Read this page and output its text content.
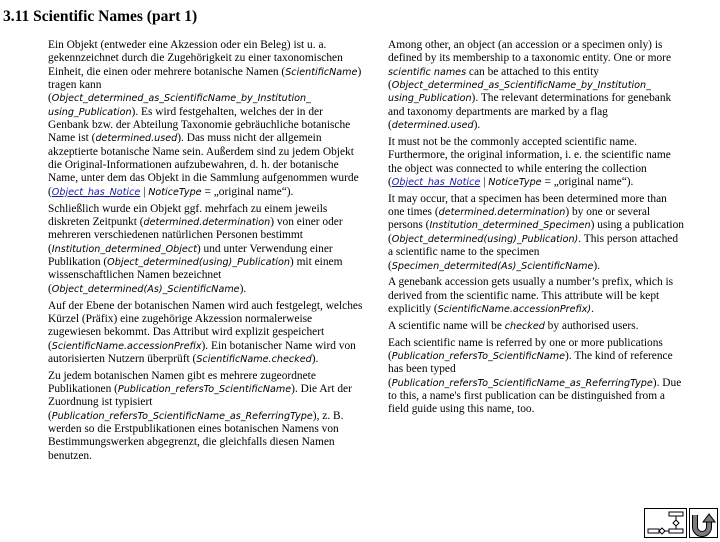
3.11 Scientific Names (part 1)

Ein Objekt (entweder eine Akzession oder ein Beleg) ist u. a. gekennzeichnet durch die Zugehörigkeit zu einer taxonomischen Einheit, die einen oder mehrere botanische Namen (ScientificName) tragen kann (Object_determined_as_ScientificName_by_Institution_ using_Publication). Es wird festgehalten, welches der in der Genbank bzw. der Abteilung Taxonomie gebräuchliche botanische Name ist (determined.used). Das muss nicht der allgemein akzeptierte botanische Name sein. Außerdem sind zu jedem Objekt die Original-Informationen aufzubewahren, d. h. der botanische Name, unter dem das Objekt in die Sammlung aufgenommen wurde (Object_has_Notice | NoticeType = „original name“).

Schließlich wurde ein Objekt ggf. mehrfach zu einem jeweils diskreten Zeitpunkt (determined.determination) von einer oder mehreren verschiedenen natürlichen Personen bestimmt (Institution_determined_Object) und unter Verwendung einer Publikation (Object_determined(using)_Publication) mit einem wissenschaftlichen Namen bezeichnet (Object_determined(As)_ScientificName).

Auf der Ebene der botanischen Namen wird auch festgelegt, welches Kürzel (Präfix) eine zugehörige Akzession normalerweise zugewiesen bekommt. Das Attribut wird explizit gespeichert (ScientificName.accessionPrefix). Ein botanischer Name wird von autorisierten Nutzern überprüft (ScientificName.checked).

Zu jedem botanischen Namen gibt es mehrere zugeordnete Publikationen (Publication_refersTo_ScientificName). Die Art der Zuordnung ist typisiert (Publication_refersTo_ScientificName_as_ReferringType), z. B. werden so die Erstpublikationen eines botanischen Namens von Bestimmungswerken abgegrenzt, die gleichfalls diesen Namen benutzen.

Among other, an object (an accession or a specimen only) is defined by its membership to a taxonomic entity. One or more scientific names can be attached to this entity (Object_determined_as_ScientificName_by_Institution_ using_Publication). The relevant determinations for genebank and taxonomy departments are marked by a flag (determined.used).

It must not be the commonly accepted scientific name. Furthermore, the original information, i. e. the scientific name the object was connected to while entering the collection (Object_has_Notice | NoticeType = „original name“).

It may occur, that a specimen has been determined more than one times (determined.determination) by one or several persons (Institution_determined_Specimen) using a publication (Object_determined(using)_Publication). This person attached a scientific name to the specimen (Specimen_determited(As)_ScientificName).

A genebank accession gets usually a number’s prefix, which is derived from the scientific name. This attribute will be kept explicitly (ScientificName.accessionPrefix).

A scientific name will be checked by authorised users.

Each scientific name is referred by one or more publications (Publication_refersTo_ScientificName). The kind of reference has been typed (Publication_refersTo_ScientificName_as_ReferringType). Due to this, a name's first publication can be distinguished from a field guide using this name, too.
